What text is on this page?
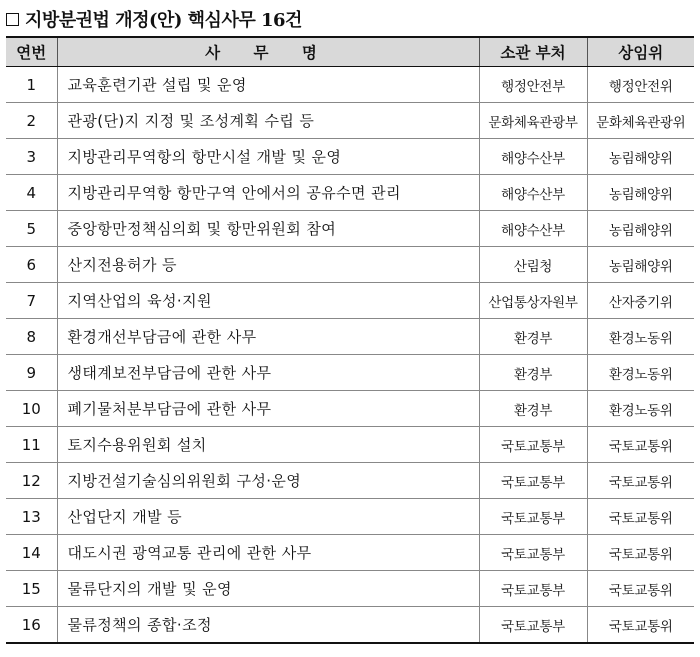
지방분권법 개정(안) 핵심사무 16건
연번	사 무 명	소관 부처	상임위
1	교육훈련기관 설립 및 운영	행정안전부	행정안전위
2	관광(단)지 지정 및 조성계획 수립 등	문화체육관광부	문화체육관광위
3	지방관리무역항의 항만시설 개발 및 운영	해양수산부	농림해양위
4	지방관리무역항 항만구역 안에서의 공유수면 관리	해양수산부	농림해양위
5	중앙항만정책심의회 및 항만위원회 참여	해양수산부	농림해양위
6	산지전용허가 등	산림청	농림해양위
7	지역산업의 육성·지원	산업통상자원부	산자중기위
8	환경개선부담금에 관한 사무	환경부	환경노동위
9	생태계보전부담금에 관한 사무	환경부	환경노동위
10	폐기물처분부담금에 관한 사무	환경부	환경노동위
11	토지수용위원회 설치	국토교통부	국토교통위
12	지방건설기술심의위원회 구성·운영	국토교통부	국토교통위
13	산업단지 개발 등	국토교통부	국토교통위
14	대도시권 광역교통 관리에 관한 사무	국토교통부	국토교통위
15	물류단지의 개발 및 운영	국토교통부	국토교통위
16	물류정책의 종합·조정	국토교통부	국토교통위
